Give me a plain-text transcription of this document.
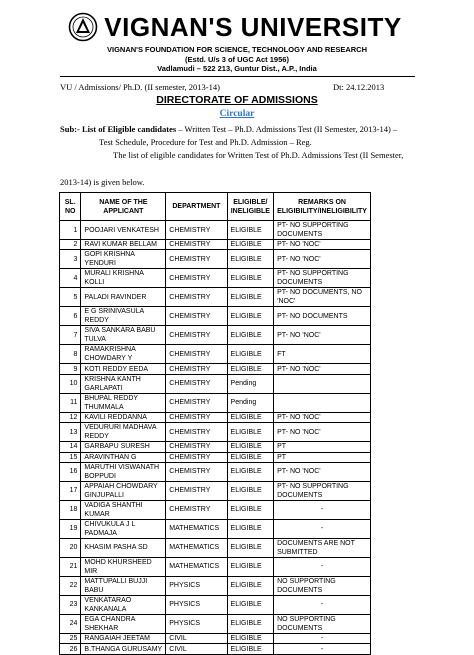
VIGNAN'S UNIVERSITY
VIGNAN'S FOUNDATION FOR SCIENCE, TECHNOLOGY AND RESEARCH
(Estd. U/s 3 of UGC Act 1956)
Vadlamudi – 522 213, Guntur Dist., A.P., India
VU / Admissions/ Ph.D. (II semester, 2013-14)	Dt: 24.12.2013
DIRECTORATE OF ADMISSIONS
Circular
Sub:- List of Eligible candidates – Written Test – Ph.D. Admissions Test (II Semester, 2013-14) –
Test Schedule, Procedure for Test and Ph.D. Admission – Reg.
The list of eligible candidates for Written Test of Ph.D. Admissions Test (II Semester,
2013-14) is given below.
SL. NO	NAME OF THE APPLICANT	DEPARTMENT	ELIGIBLE/ INELIGIBLE	REMARKS ON ELIGIBILITY/INELIGIBILITY
1	POOJARI VENKATESH	CHEMISTRY	ELIGIBLE	PT- NO SUPPORTING DOCUMENTS
2	RAVI KUMAR BELLAM	CHEMISTRY	ELIGIBLE	PT- NO 'NOC'
3	GOPI KRISHNA YENDURI	CHEMISTRY	ELIGIBLE	PT- NO 'NOC'
4	MURALI KRISHNA KOLLI	CHEMISTRY	ELIGIBLE	PT- NO SUPPORTING DOCUMENTS
5	PALADI RAVINDER	CHEMISTRY	ELIGIBLE	PT- NO DOCUMENTS, NO 'NOC'
6	E G SRINIVASULA REDDY	CHEMISTRY	ELIGIBLE	PT- NO DOCUMENTS
7	SIVA SANKARA BABU TULVA	CHEMISTRY	ELIGIBLE	PT- NO 'NOC'
8	RAMAKRISHNA CHOWDARY Y	CHEMISTRY	ELIGIBLE	FT
9	KOTI REDDY EEDA	CHEMISTRY	ELIGIBLE	PT- NO 'NOC'
10	KRISHNA KANTH GARLAPATI	CHEMISTRY	Pending	
11	BHUPAL REDDY THUMMALA	CHEMISTRY	Pending	
12	KAVILI REDDANNA	CHEMISTRY	ELIGIBLE	PT- NO 'NOC'
13	VEDURURI MADHAVA REDDY	CHEMISTRY	ELIGIBLE	PT- NO 'NOC'
14	GARBAPU SURESH	CHEMISTRY	ELIGIBLE	PT
15	ARAVINTHAN G	CHEMISTRY	ELIGIBLE	PT
16	MARUTHI VISWANATH BOPPUDI	CHEMISTRY	ELIGIBLE	PT- NO 'NOC'
17	APPAIAH CHOWDARY GINJUPALLI	CHEMISTRY	ELIGIBLE	PT- NO SUPPORTING DOCUMENTS
18	VADIGA SHANTHI KUMAR	CHEMISTRY	ELIGIBLE	-
19	CHIVUKULA J L PADMAJA	MATHEMATICS	ELIGIBLE	-
20	KHASIM PASHA SD	MATHEMATICS	ELIGIBLE	DOCUMENTS ARE NOT SUBMITTED
21	MOHD KHURSHEED MIR	MATHEMATICS	ELIGIBLE	-
22	MATTUPALLI BUJJI BABU	PHYSICS	ELIGIBLE	NO SUPPORTING DOCUMENTS
23	VENKATARAO KANKANALA	PHYSICS	ELIGIBLE	-
24	EGA CHANDRA SHEKHAR	PHYSICS	ELIGIBLE	NO SUPPORTING DOCUMENTS
25	RANGAIAH JEETAM	CIVIL	ELIGIBLE	-
26	B.THANGA GURUSAMY	CIVIL	ELIGIBLE	-
